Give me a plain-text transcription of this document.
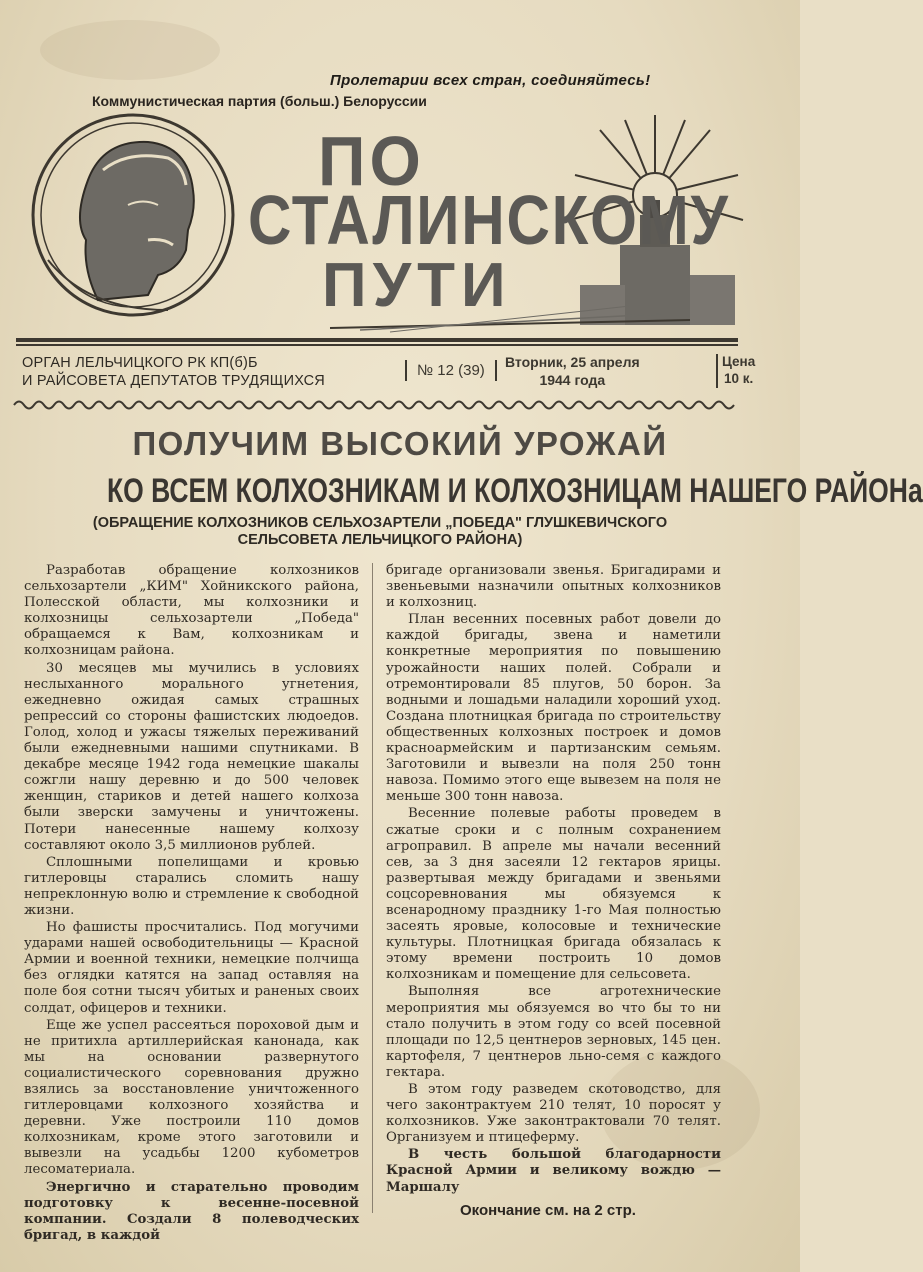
Пролетарии всех стран, соединяйтесь!
Коммунистическая партия (больш.) Белоруссии
ПО
СТАЛИНСКОМУ
ПУТИ
ОРГАН ЛЕЛЬЧИЦКОГО РК КП(б)Б
И РАЙСОВЕТА ДЕПУТАТОВ ТРУДЯЩИХСЯ
№ 12 (39)	Вторник, 25 апреля
1944 года
Цена
10 к.
ПОЛУЧИМ ВЫСОКИЙ УРОЖАЙ
КО ВСЕМ КОЛХОЗНИКАМ И КОЛХОЗНИЦАМ НАШЕГО РАЙОНа
(ОБРАЩЕНИЕ КОЛХОЗНИКОВ СЕЛЬХОЗАРТЕЛИ „ПОБЕДА" ГЛУШКЕВИЧСКОГО
СЕЛЬСОВЕТА ЛЕЛЬЧИЦКОГО РАЙОНА)

Разработав обращение колхозников сельхозартели „КИМ" Хойникского района, Полесской области, мы колхозники и колхозницы сельхозартели „Победа" обращаемся к Вам, колхозникам и колхозницам района.

30 месяцев мы мучились в условиях неслыханного морального угнетения, ежедневно ожидая самых страшных репрессий со стороны фашистских людоедов. Голод, холод и ужасы тяжелых переживаний были ежедневными нашими спутниками. В декабре месяце 1942 года немецкие шакалы сожгли нашу деревню и до 500 человек женщин, стариков и детей нашего колхоза были зверски замучены и уничтожены. Потери нанесенные нашему колхозу составляют около 3,5 миллионов рублей.

Сплошными попелищами и кровью гитлеровцы старались сломить нашу непреклонную волю и стремление к свободной жизни.

Но фашисты просчитались. Под могучими ударами нашей освободительницы — Красной Армии и военной техники, немецкие полчища без оглядки катятся на запад оставляя на поле боя сотни тысяч убитых и раненых своих солдат, офицеров и техники.

Еще же успел рассеяться пороховой дым и не притихла артиллерийская канонада, как мы на основании развернутого социалистического соревнования дружно взялись за восстановление уничтоженного гитлеровцами колхозного хозяйства и деревни. Уже построили 110 домов колхозникам, кроме этого заготовили и вывезли на усадьбы 1200 кубометров лесоматериала.

Энергично и старательно проводим подготовку к весенне-посевной компании. Создали 8 полеводческих бригад, в каждой

бригаде организовали звенья. Бригадирами и звеньевыми назначили опытных колхозников и колхозниц.

План весенних посевных работ довели до каждой бригады, звена и наметили конкретные мероприятия по повышению урожайности наших полей. Собрали и отремонтировали 85 плугов, 50 борон. За водными и лошадьми наладили хороший уход. Создана плотницкая бригада по строительству общественных колхозных построек и домов красноармейским и партизанским семьям. Заготовили и вывезли на поля 250 тонн навоза. Помимо этого еще вывезем на поля не меньше 300 тонн навоза.

Весенние полевые работы проведем в сжатые сроки и с полным сохранением агроправил. В апреле мы начали весенний сев, за 3 дня засеяли 12 гектаров ярицы. развертывая между бригадами и звеньями соцсоревнования мы обязуемся к всенародному празднику 1-го Мая полностью засеять яровые, колосовые и технические культуры. Плотницкая бригада обязалась к этому времени построить 10 домов колхозникам и помещение для сельсовета.

Выполняя все агротехнические мероприятия мы обязуемся во что бы то ни стало получить в этом году со всей посевной площади по 12,5 центнеров зерновых, 145 цен. картофеля, 7 центнеров льно-семя с каждого гектара.

В этом году разведем скотоводство, для чего законтрактуем 210 телят, 10 поросят у колхозников. Уже законтрактовали 70 телят. Организуем и птицеферму.

В честь большой благодарности Красной Армии и великому вождю — Маршалу

Окончание см. на 2 стр.
